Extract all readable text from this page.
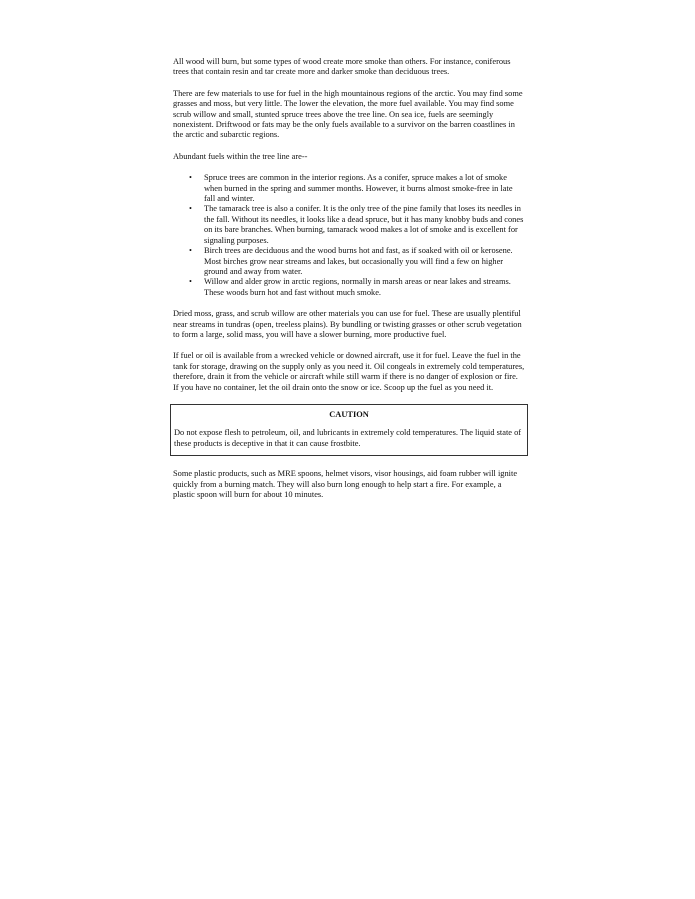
All wood will burn, but some types of wood create more smoke than others. For instance, coniferous trees that contain resin and tar create more and darker smoke than deciduous trees.

There are few materials to use for fuel in the high mountainous regions of the arctic. You may find some grasses and moss, but very little. The lower the elevation, the more fuel available. You may find some scrub willow and small, stunted spruce trees above the tree line. On sea ice, fuels are seemingly nonexistent. Driftwood or fats may be the only fuels available to a survivor on the barren coastlines in the arctic and subarctic regions.

Abundant fuels within the tree line are--

• Spruce trees are common in the interior regions. As a conifer, spruce makes a lot of smoke when burned in the spring and summer months. However, it burns almost smoke-free in late fall and winter.
• The tamarack tree is also a conifer. It is the only tree of the pine family that loses its needles in the fall. Without its needles, it looks like a dead spruce, but it has many knobby buds and cones on its bare branches. When burning, tamarack wood makes a lot of smoke and is excellent for signaling purposes.
• Birch trees are deciduous and the wood burns hot and fast, as if soaked with oil or kerosene. Most birches grow near streams and lakes, but occasionally you will find a few on higher ground and away from water.
• Willow and alder grow in arctic regions, normally in marsh areas or near lakes and streams. These woods burn hot and fast without much smoke.

Dried moss, grass, and scrub willow are other materials you can use for fuel. These are usually plentiful near streams in tundras (open, treeless plains). By bundling or twisting grasses or other scrub vegetation to form a large, solid mass, you will have a slower burning, more productive fuel.

If fuel or oil is available from a wrecked vehicle or downed aircraft, use it for fuel. Leave the fuel in the tank for storage, drawing on the supply only as you need it. Oil congeals in extremely cold temperatures, therefore, drain it from the vehicle or aircraft while still warm if there is no danger of explosion or fire. If you have no container, let the oil drain onto the snow or ice. Scoop up the fuel as you need it.

CAUTION

Do not expose flesh to petroleum, oil, and lubricants in extremely cold temperatures. The liquid state of these products is deceptive in that it can cause frostbite.

Some plastic products, such as MRE spoons, helmet visors, visor housings, aid foam rubber will ignite quickly from a burning match. They will also burn long enough to help start a fire. For example, a plastic spoon will burn for about 10 minutes.
